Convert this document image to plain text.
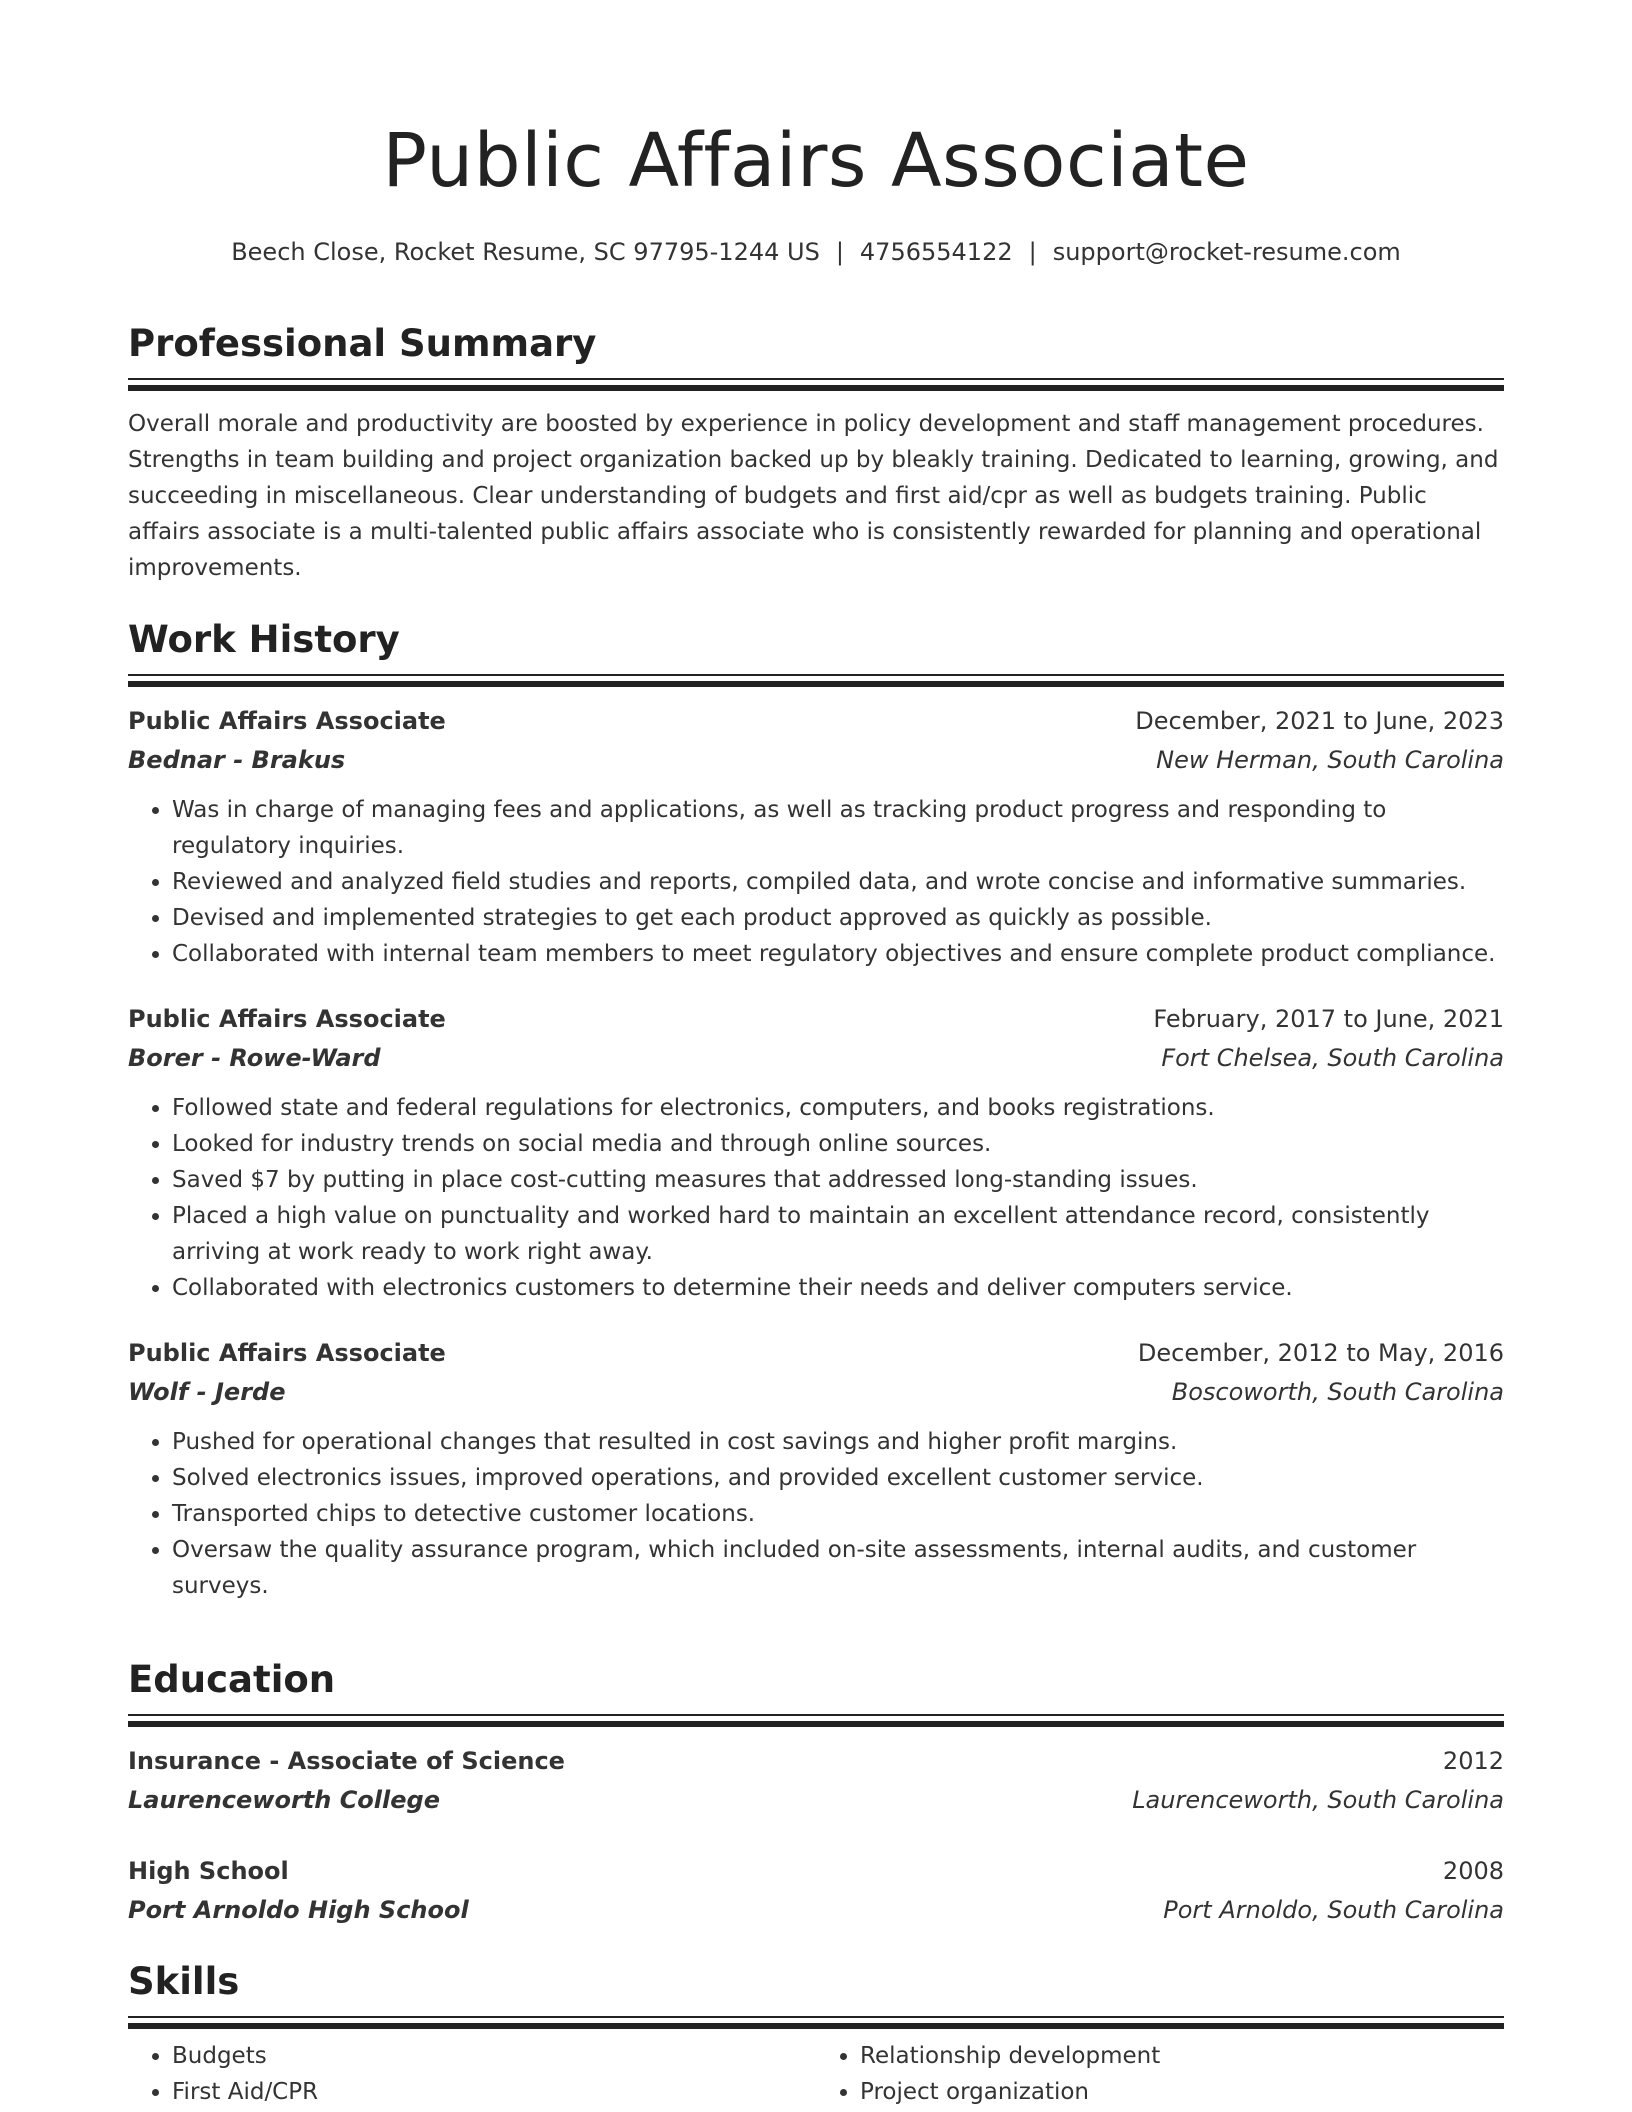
Public Affairs Associate
Beech Close, Rocket Resume, SC 97795-1244 US | 4756554122 | support@rocket-resume.com
Professional Summary

Overall morale and productivity are boosted by experience in policy development and staff management procedures. Strengths in team building and project organization backed up by bleakly training. Dedicated to learning, growing, and succeeding in miscellaneous. Clear understanding of budgets and first aid/cpr as well as budgets training. Public affairs associate is a multi-talented public affairs associate who is consistently rewarded for planning and operational improvements.

Work History
Public Affairs Associate	December, 2021 to June, 2023
Bednar - Brakus	New Herman, South Carolina
• Was in charge of managing fees and applications, as well as tracking product progress and responding to regulatory inquiries.
• Reviewed and analyzed field studies and reports, compiled data, and wrote concise and informative summaries.
• Devised and implemented strategies to get each product approved as quickly as possible.
• Collaborated with internal team members to meet regulatory objectives and ensure complete product compliance.
Public Affairs Associate	February, 2017 to June, 2021
Borer - Rowe-Ward	Fort Chelsea, South Carolina
• Followed state and federal regulations for electronics, computers, and books registrations.
• Looked for industry trends on social media and through online sources.
• Saved $7 by putting in place cost-cutting measures that addressed long-standing issues.
• Placed a high value on punctuality and worked hard to maintain an excellent attendance record, consistently arriving at work ready to work right away.
• Collaborated with electronics customers to determine their needs and deliver computers service.
Public Affairs Associate	December, 2012 to May, 2016
Wolf - Jerde	Boscoworth, South Carolina
• Pushed for operational changes that resulted in cost savings and higher profit margins.
• Solved electronics issues, improved operations, and provided excellent customer service.
• Transported chips to detective customer locations.
• Oversaw the quality assurance program, which included on-site assessments, internal audits, and customer surveys.
Education
Insurance - Associate of Science	2012
Laurenceworth College	Laurenceworth, South Carolina
High School	2008
Port Arnoldo High School	Port Arnoldo, South Carolina
Skills
• Budgets
• First Aid/CPR
• Relationship development
• Project organization
